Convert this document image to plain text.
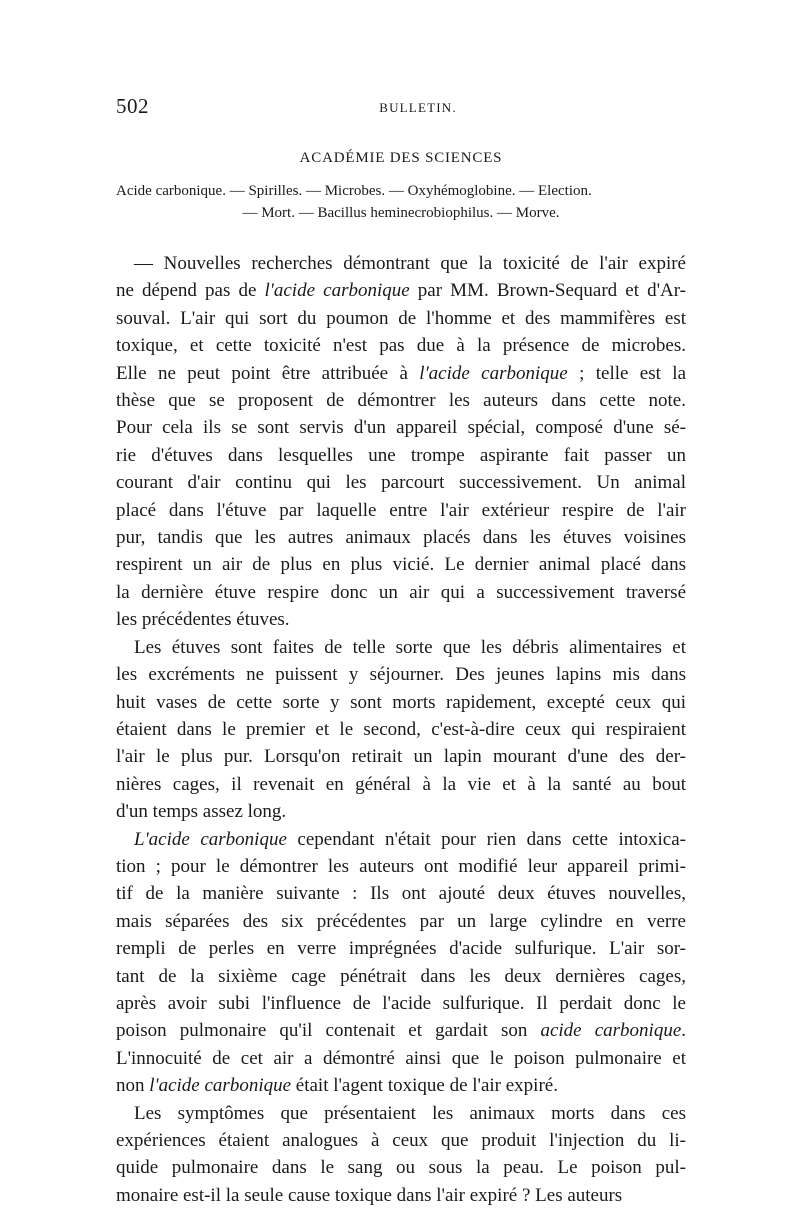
502	BULLETIN.
ACADÉMIE DES SCIENCES
Acide carbonique. — Spirilles. — Microbes. — Oxyhémoglobine. — Election.
— Mort. — Bacillus heminecrobiophilus. — Morve.
— Nouvelles recherches démontrant que la toxicité de l'air expiré
ne dépend pas de l'acide carbonique par MM. Brown-Sequard et d'Ar-
souval. L'air qui sort du poumon de l'homme et des mammifères est
toxique, et cette toxicité n'est pas due à la présence de microbes.
Elle ne peut point être attribuée à l'acide carbonique ; telle est la
thèse que se proposent de démontrer les auteurs dans cette note.
Pour cela ils se sont servis d'un appareil spécial, composé d'une sé-
rie d'étuves dans lesquelles une trompe aspirante fait passer un
courant d'air continu qui les parcourt successivement. Un animal
placé dans l'étuve par laquelle entre l'air extérieur respire de l'air
pur, tandis que les autres animaux placés dans les étuves voisines
respirent un air de plus en plus vicié. Le dernier animal placé dans
la dernière étuve respire donc un air qui a successivement traversé
les précédentes étuves.
Les étuves sont faites de telle sorte que les débris alimentaires et
les excréments ne puissent y séjourner. Des jeunes lapins mis dans
huit vases de cette sorte y sont morts rapidement, excepté ceux qui
étaient dans le premier et le second, c'est-à-dire ceux qui respiraient
l'air le plus pur. Lorsqu'on retirait un lapin mourant d'une des der-
nières cages, il revenait en général à la vie et à la santé au bout
d'un temps assez long.
L'acide carbonique cependant n'était pour rien dans cette intoxica-
tion ; pour le démontrer les auteurs ont modifié leur appareil primi-
tif de la manière suivante : Ils ont ajouté deux étuves nouvelles,
mais séparées des six précédentes par un large cylindre en verre
rempli de perles en verre imprégnées d'acide sulfurique. L'air sor-
tant de la sixième cage pénétrait dans les deux dernières cages,
après avoir subi l'influence de l'acide sulfurique. Il perdait donc le
poison pulmonaire qu'il contenait et gardait son acide carbonique.
L'innocuité de cet air a démontré ainsi que le poison pulmonaire et
non l'acide carbonique était l'agent toxique de l'air expiré.
Les symptômes que présentaient les animaux morts dans ces
expériences étaient analogues à ceux que produit l'injection du li-
quide pulmonaire dans le sang ou sous la peau. Le poison pul-
monaire est-il la seule cause toxique dans l'air expiré ? Les auteurs
